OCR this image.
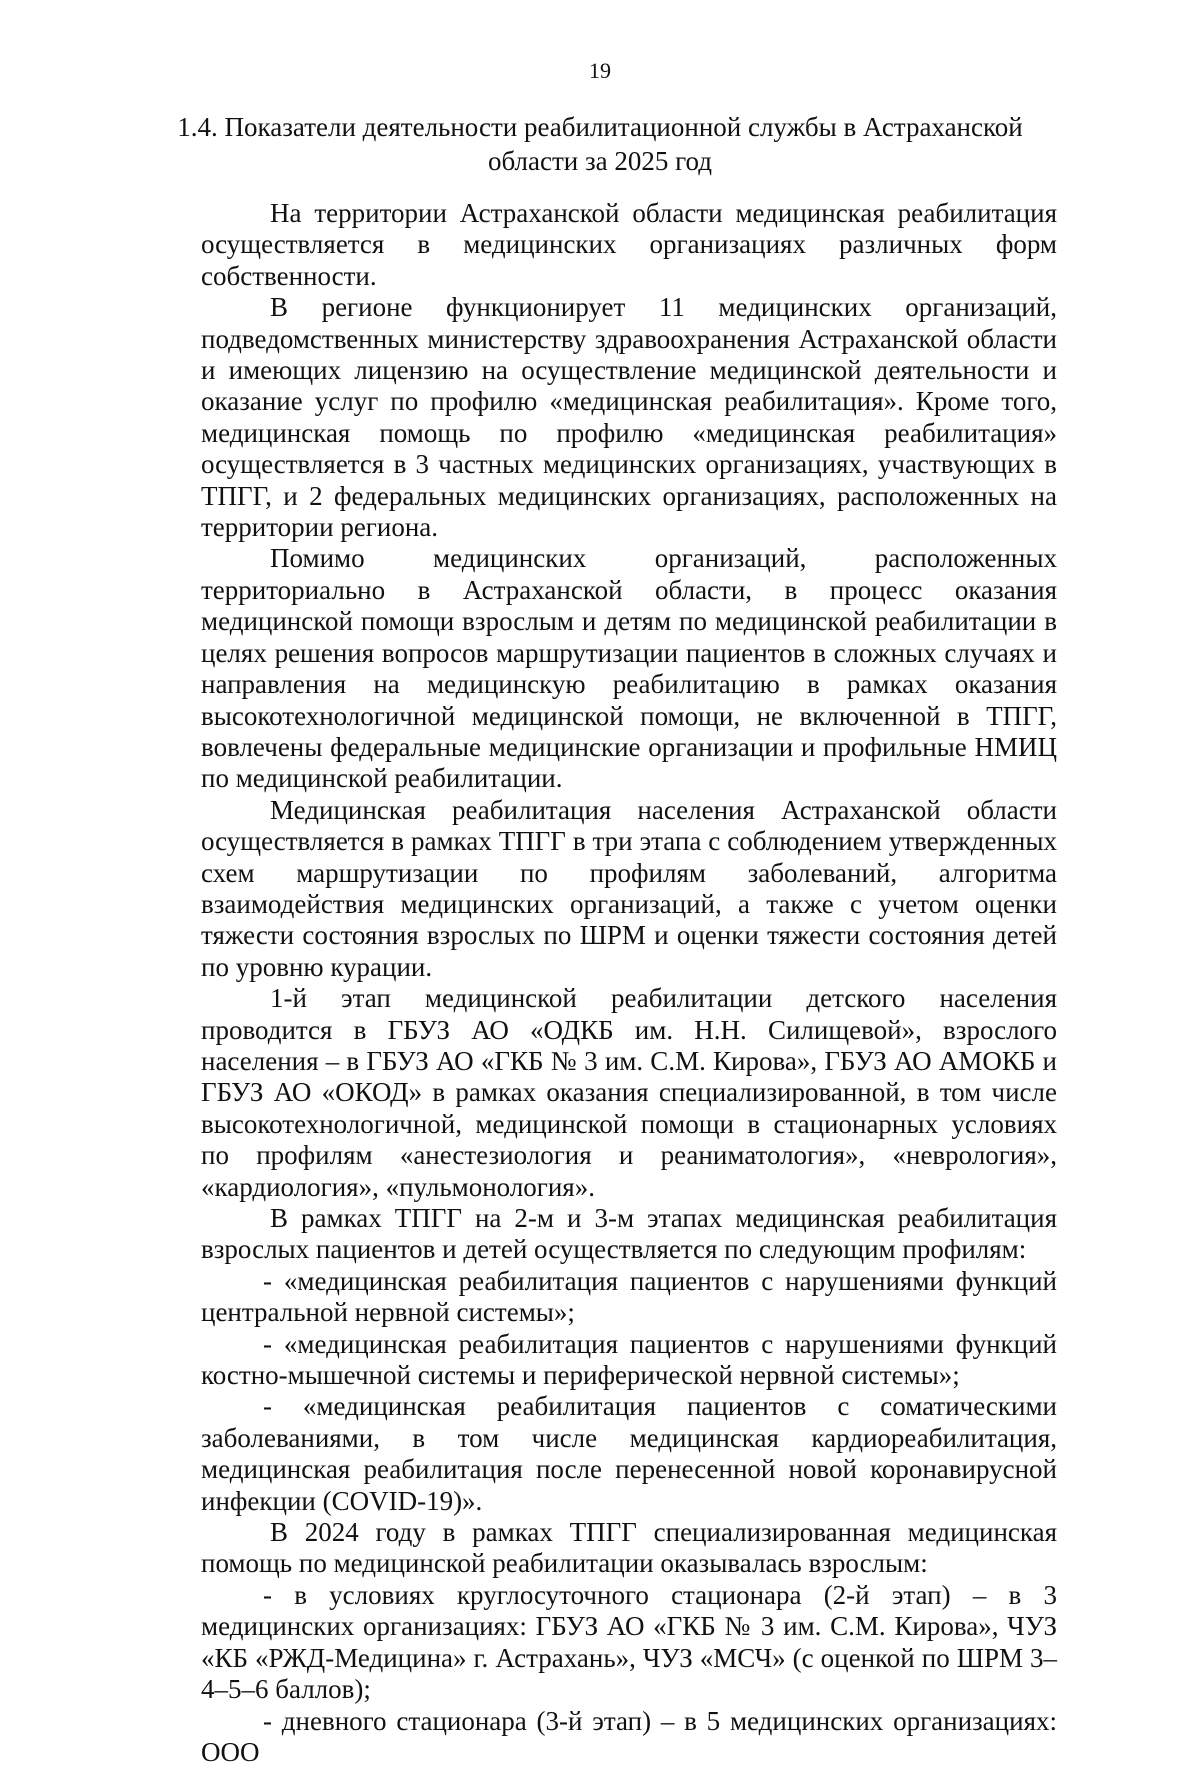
19
1.4. Показатели деятельности реабилитационной службы в Астраханской области за 2025 год

На территории Астраханской области медицинская реабилитация осуществляется в медицинских организациях различных форм собственности.

В регионе функционирует 11 медицинских организаций, подведомственных министерству здравоохранения Астраханской области и имеющих лицензию на осуществление медицинской деятельности и оказание услуг по профилю «медицинская реабилитация». Кроме того, медицинская помощь по профилю «медицинская реабилитация» осуществляется в 3 частных медицинских организациях, участвующих в ТПГГ, и 2 федеральных медицинских организациях, расположенных на территории региона.

Помимо медицинских организаций, расположенных территориально в Астраханской области, в процесс оказания медицинской помощи взрослым и детям по медицинской реабилитации в целях решения вопросов маршрутизации пациентов в сложных случаях и направления на медицинскую реабилитацию в рамках оказания высокотехнологичной медицинской помощи, не включенной в ТПГГ, вовлечены федеральные медицинские организации и профильные НМИЦ по медицинской реабилитации.

Медицинская реабилитация населения Астраханской области осуществляется в рамках ТПГГ в три этапа с соблюдением утвержденных схем маршрутизации по профилям заболеваний, алгоритма взаимодействия медицинских организаций, а также с учетом оценки тяжести состояния взрослых по ШРМ и оценки тяжести состояния детей по уровню курации.

1-й этап медицинской реабилитации детского населения проводится в ГБУЗ АО «ОДКБ им. Н.Н. Силищевой», взрослого населения – в ГБУЗ АО «ГКБ № 3 им. С.М. Кирова», ГБУЗ АО АМОКБ и ГБУЗ АО «ОКОД» в рамках оказания специализированной, в том числе высокотехнологичной, медицинской помощи в стационарных условиях по профилям «анестезиология и реаниматология», «неврология», «кардиология», «пульмонология».

В рамках ТПГГ на 2-м и 3-м этапах медицинская реабилитация взрослых пациентов и детей осуществляется по следующим профилям:

- «медицинская реабилитация пациентов с нарушениями функций центральной нервной системы»;

- «медицинская реабилитация пациентов с нарушениями функций костно-мышечной системы и периферической нервной системы»;

- «медицинская реабилитация пациентов с соматическими заболеваниями, в том числе медицинская кардиореабилитация, медицинская реабилитация после перенесенной новой коронавирусной инфекции (COVID-19)».

В 2024 году в рамках ТПГГ специализированная медицинская помощь по медицинской реабилитации оказывалась взрослым:

- в условиях круглосуточного стационара (2-й этап) – в 3 медицинских организациях: ГБУЗ АО «ГКБ № 3 им. С.М. Кирова», ЧУЗ «КБ «РЖД-Медицина» г. Астрахань», ЧУЗ «МСЧ» (с оценкой по ШРМ 3–4–5–6 баллов);

- дневного стационара (3-й этап) – в 5 медицинских организациях: ООО
